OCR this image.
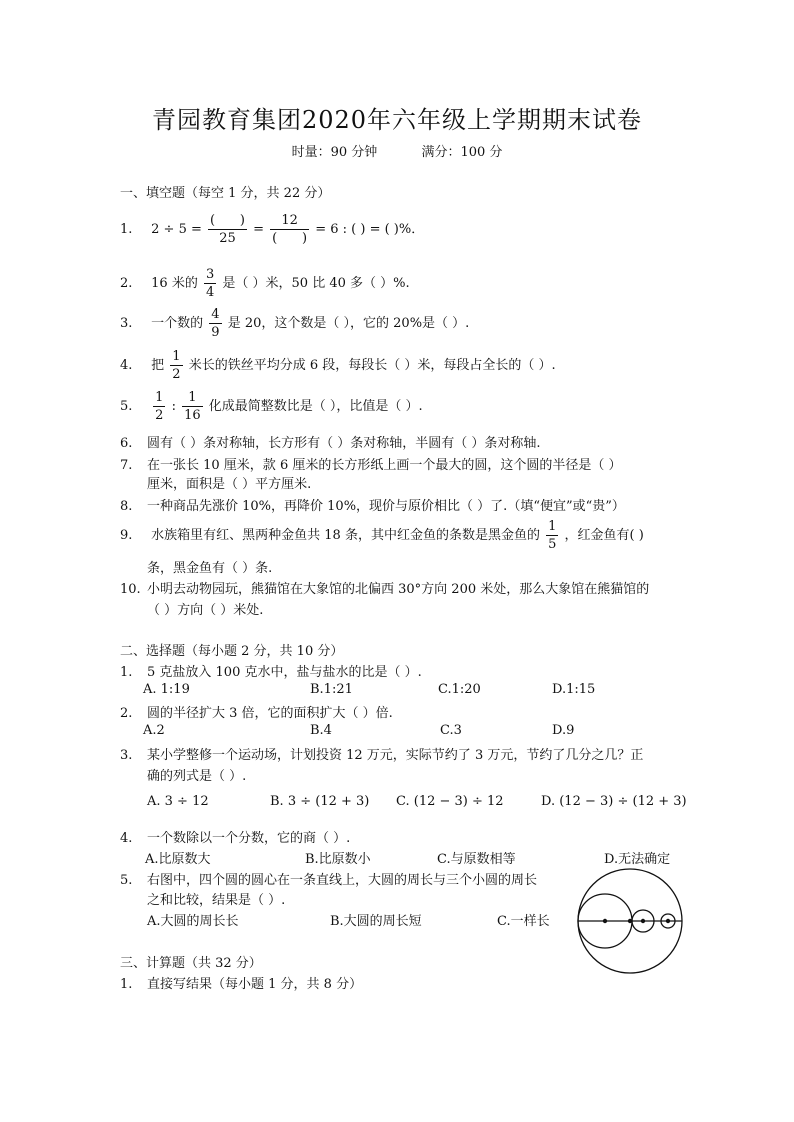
青园教育集团2020年六年级上学期期末试卷
时量：90 分钟	满分：100 分
一、填空题（每空 1 分，共 22 分）
1. $2 \div 5 = \frac{( )}{25} = \frac{12}{( )} = 6$ : ( ) = ( )%．
2. 16 米的 $\frac{3}{4}$ 是（ ）米，50 比 40 多（ ）%.
3. 一个数的 $\frac{4}{9}$ 是 20，这个数是（ ），它的 20%是（ ）.
4. 把 $\frac{1}{2}$ 米长的铁丝平均分成 6 段，每段长（ ）米，每段占全长的（ ）.
5. $\frac{1}{2}$ : $\frac{1}{16}$ 化成最简整数比是（ ），比值是（ ）.
6. 圆有（ ）条对称轴，长方形有（ ）条对称轴，半圆有（ ）条对称轴.
7. 在一张长 10 厘米，款 6 厘米的长方形纸上画一个最大的圆，这个圆的半径是（ ）
厘米，面积是（ ）平方厘米.
8. 一种商品先涨价 10%，再降价 10%，现价与原价相比（ ）了.（填“便宜”或“贵”）
9. 水族箱里有红、黑两种金鱼共 18 条，其中红金鱼的条数是黑金鱼的 $\frac{1}{5}$ ，红金鱼有( )
条，黑金鱼有（ ）条.
10. 小明去动物园玩，熊猫馆在大象馆的北偏西 30°方向 200 米处，那么大象馆在熊猫馆的
（ ）方向（ ）米处.
二、选择题（每小题 2 分，共 10 分）
1. 5 克盐放入 100 克水中，盐与盐水的比是（ ）.
A. 1:19	B.1:21	C.1:20	D.1:15
2. 圆的半径扩大 3 倍，它的面积扩大（ ）倍.
A.2	B.4	C.3	D.9
3. 某小学整修一个运动场，计划投资 12 万元，实际节约了 3 万元，节约了几分之几？正
确的列式是（ ）.
A. 3 ÷ 12	B. 3 ÷ (12 + 3) C. (12 − 3) ÷ 12	D. (12 − 3) ÷ (12 + 3)
4. 一个数除以一个分数，它的商（ ）.
A.比原数大	B.比原数小	C.与原数相等	D.无法确定
5. 右图中，四个圆的圆心在一条直线上，大圆的周长与三个小圆的周长
之和比较，结果是（ ）.
A.大圆的周长长	B.大圆的周长短	C.一样长
三、计算题（共 32 分）
1. 直接写结果（每小题 1 分，共 8 分）
